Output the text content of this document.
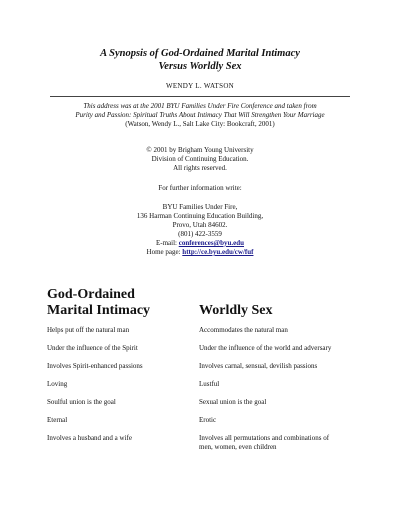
A Synopsis of God-Ordained Marital Intimacy
Versus Worldly Sex
WENDY L. WATSON
This address was at the 2001 BYU Families Under Fire Conference and taken from
Purity and Passion: Spiritual Truths About Intimacy That Will Strengthen Your Marriage
(Watson, Wendy L., Salt Lake City: Bookcraft, 2001)
© 2001 by Brigham Young University
Division of Continuing Education.
All rights reserved.
For further information write:
BYU Families Under Fire,
136 Harman Continuing Education Building,
Provo, Utah 84602.
(801) 422-3559
E-mail: conferences@byu.edu
Home page: http://ce.byu.edu/cw/fuf
God-Ordained
Marital Intimacy	Worldly Sex
Helps put off the natural man	Accommodates the natural man
Under the influence of the Spirit	Under the influence of the world and adversary
Involves Spirit-enhanced passions	Involves carnal, sensual, devilish passions
Loving	Lustful
Soulful union is the goal	Sexual union is the goal
Eternal	Erotic
Involves a husband and a wife	Involves all permutations and combinations of
men, women, even children
